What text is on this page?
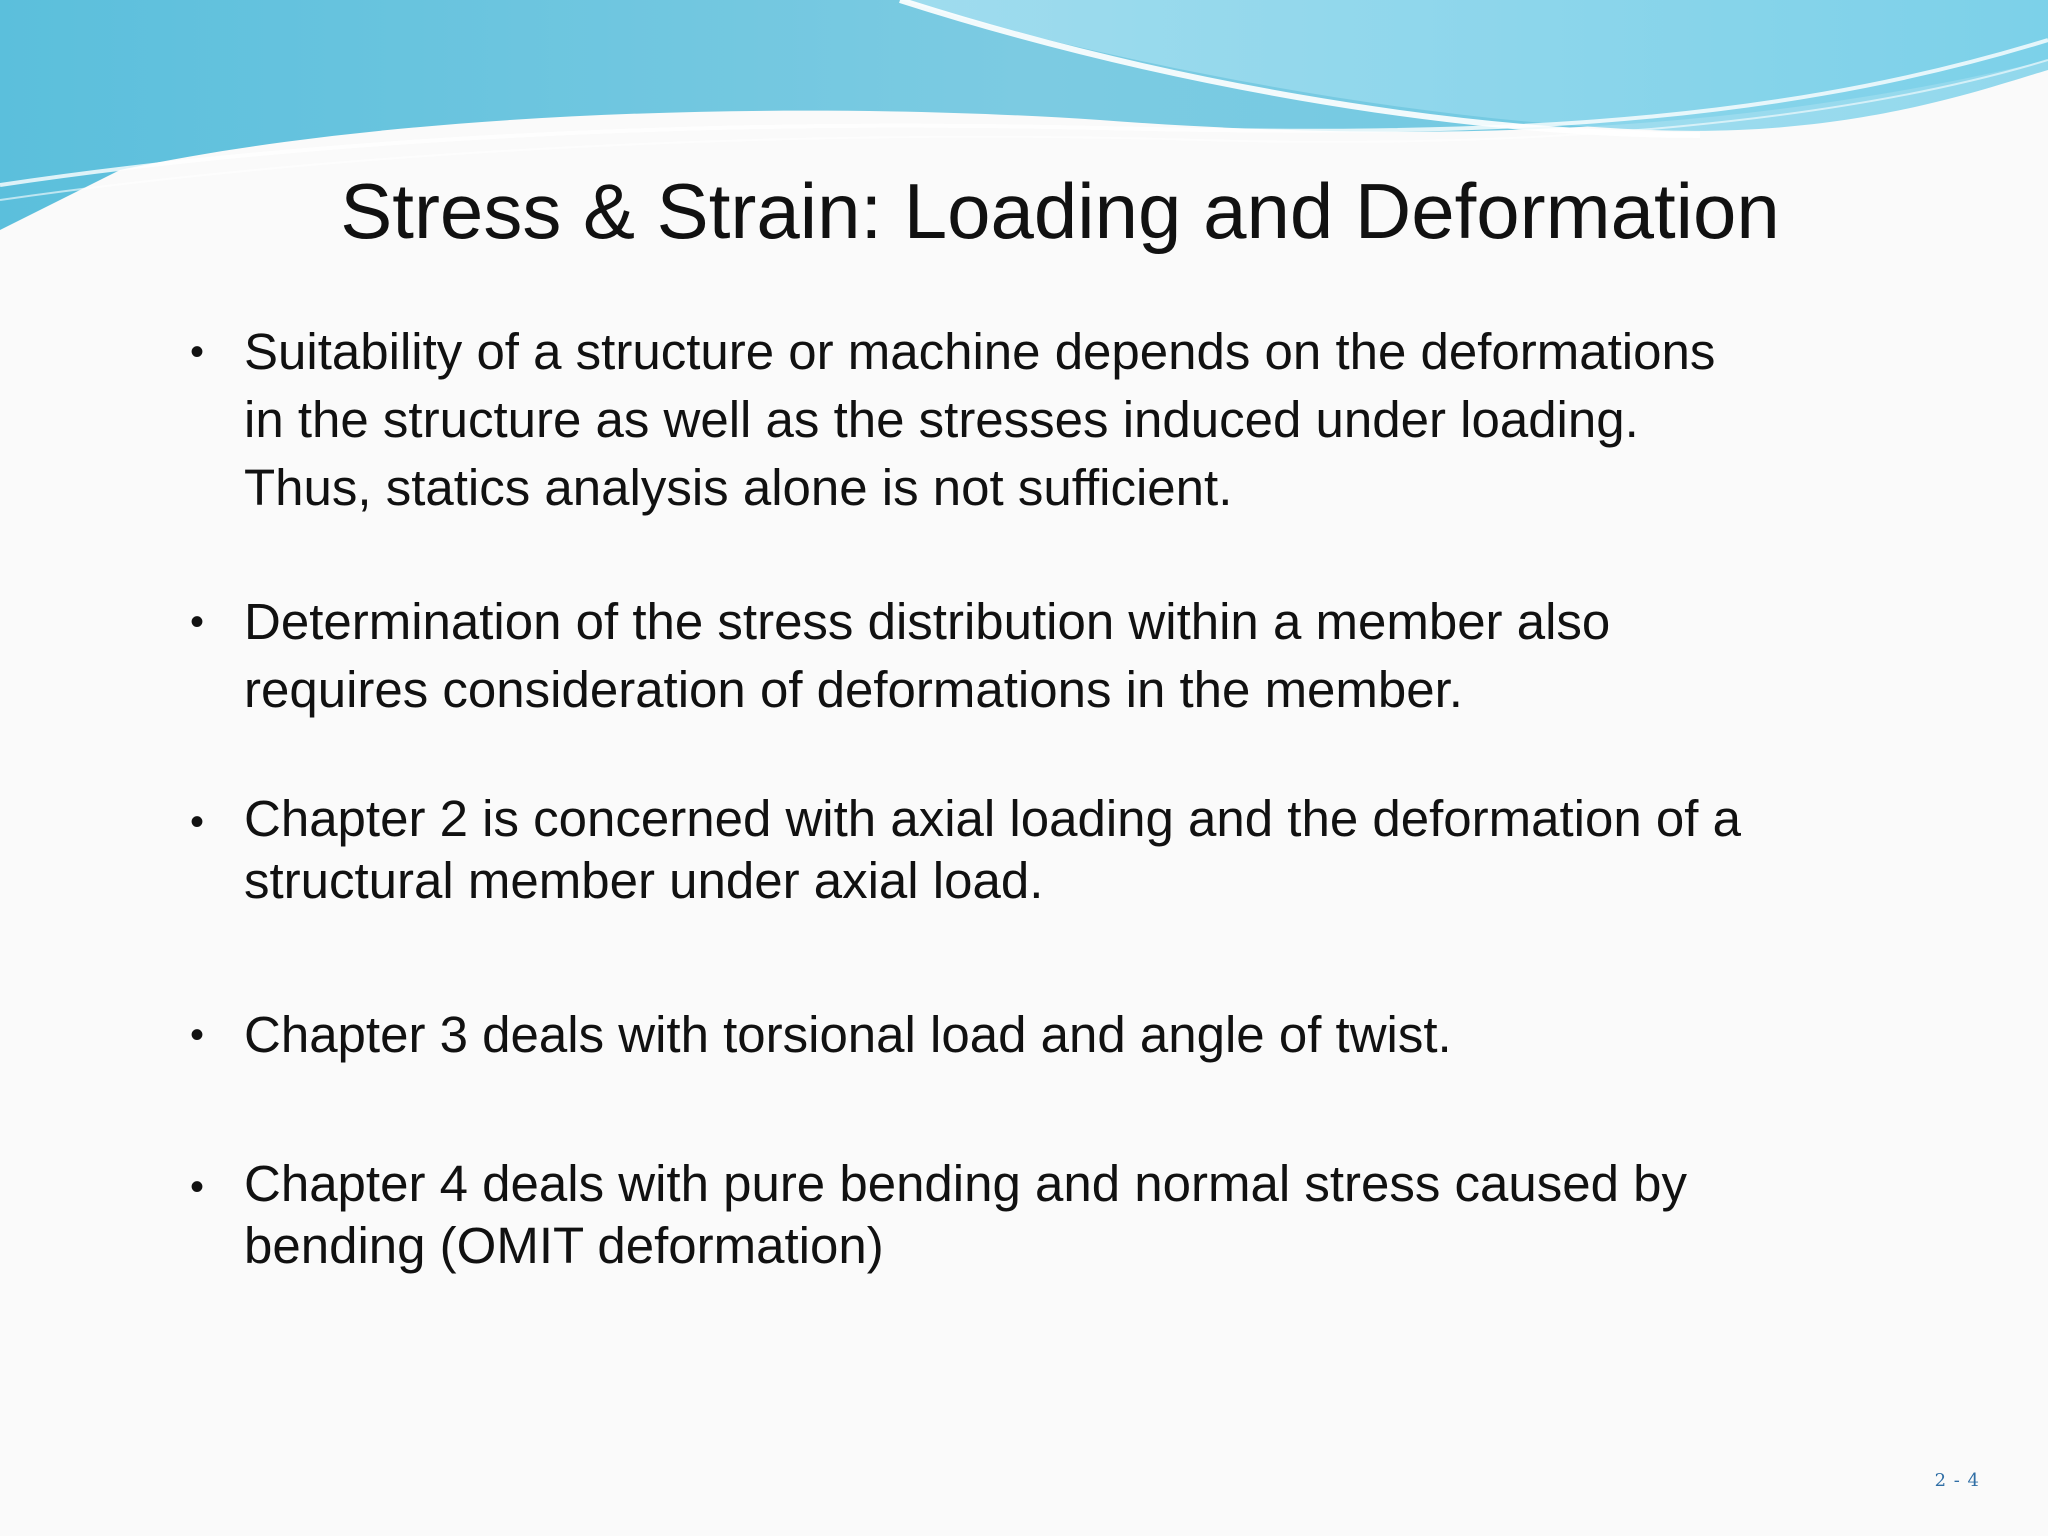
Stress & Strain: Loading and Deformation
• Suitability of a structure or machine depends on the deformations
in the structure as well as the stresses induced under loading.
Thus, statics analysis alone is not sufficient.
• Determination of the stress distribution within a member also
requires consideration of deformations in the member.
• Chapter 2 is concerned with axial loading and the deformation of a
structural member under axial load.
• Chapter 3 deals with torsional load and angle of twist.
• Chapter 4 deals with pure bending and normal stress caused by
bending (OMIT deformation)
2 - 4
